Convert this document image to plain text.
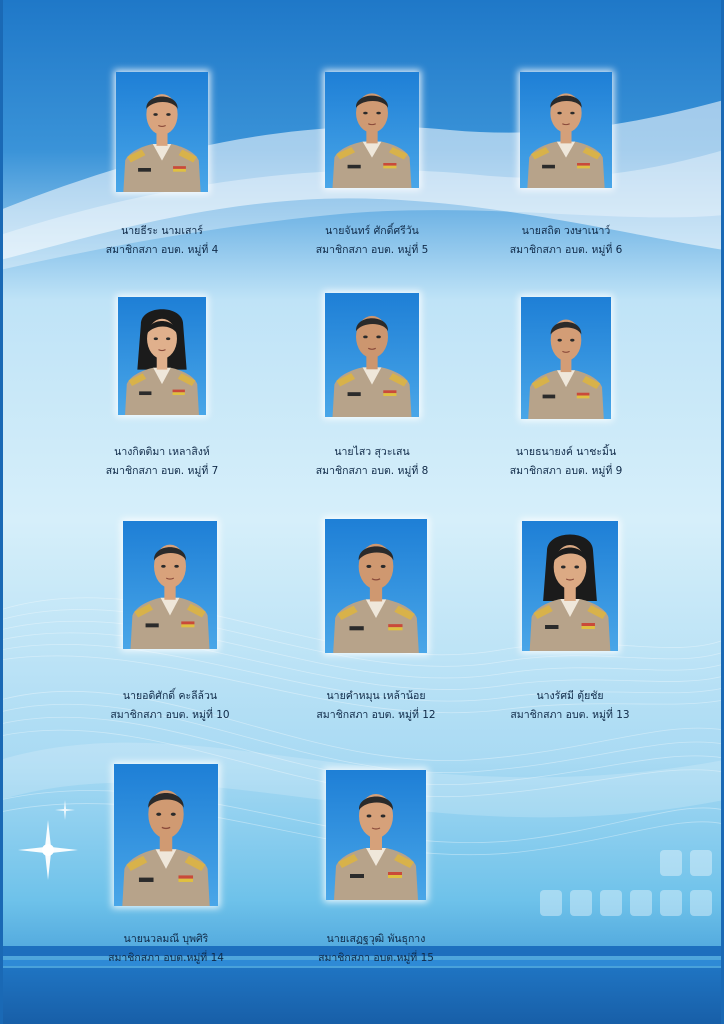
นายธีระ นามเสาร์
สมาชิกสภา อบต. หมู่ที่ 4
นายจันทร์ ศักดิ์ศรีวัน
สมาชิกสภา อบต. หมู่ที่ 5
นายสถิต วงษาเนาว์
สมาชิกสภา อบต. หมู่ที่ 6
นางกิตติมา เหลาสิงห์
สมาชิกสภา อบต. หมู่ที่ 7
นายไสว สุวะเสน
สมาชิกสภา อบต. หมู่ที่ 8
นายธนายงค์ นาชะมิ้น
สมาชิกสภา อบต. หมู่ที่ 9
นายอดิศักดิ์ คะลีล้วน
สมาชิกสภา อบต. หมู่ที่ 10
นายคำหมุน เหล้าน้อย
สมาชิกสภา อบต. หมู่ที่ 12
นางรัศมี ตุ้ยชัย
สมาชิกสภา อบต. หมู่ที่ 13
นายนวลมณี บุพศิริ
สมาชิกสภา อบต.หมู่ที่ 14
นายเสฏฐวุฒิ พันธุกาง
สมาชิกสภา อบต.หมู่ที่ 15
